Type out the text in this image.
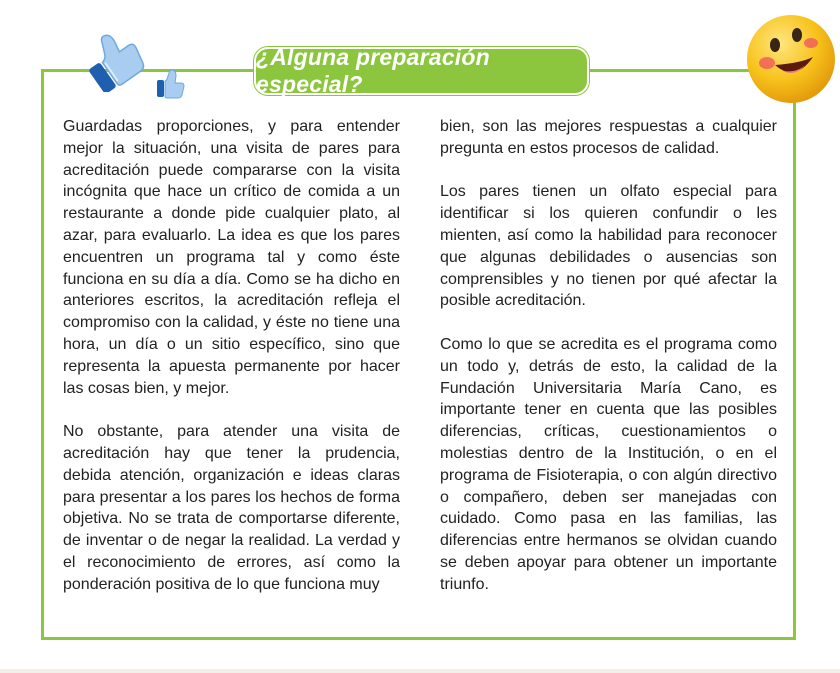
¿Alguna preparación especial?

Guardadas proporciones, y para entender mejor la situación, una visita de pares para acreditación puede compararse con la visita incógnita que hace un crítico de comida a un restaurante a donde pide cualquier plato, al azar, para evaluarlo. La idea es que los pares encuentren un programa tal y como éste funciona en su día a día. Como se ha dicho en anteriores escritos, la acreditación refleja el compromiso con la calidad, y éste no tiene una hora, un día o un sitio específico, sino que representa la apuesta permanente por hacer las cosas bien, y mejor.

No obstante, para atender una visita de acreditación hay que tener la prudencia, debida atención, organización e ideas claras para presentar a los pares los hechos de forma objetiva. No se trata de comportarse diferente, de inventar o de negar la realidad. La verdad y el reconocimiento de errores, así como la ponderación positiva de lo que funciona muy

bien, son las mejores respuestas a cualquier pregunta en estos procesos de calidad.

Los pares tienen un olfato especial para identificar si los quieren confundir o les mienten, así como la habilidad para reconocer que algunas debilidades o ausencias son comprensibles y no tienen por qué afectar la posible acreditación.

Como lo que se acredita es el programa como un todo y, detrás de esto, la calidad de la Fundación Universitaria María Cano, es importante tener en cuenta que las posibles diferencias, críticas, cuestionamientos o molestias dentro de la Institución, o en el programa de Fisioterapia, o con algún directivo o compañero, deben ser manejadas con cuidado. Como pasa en las familias, las diferencias entre hermanos se olvidan cuando se deben apoyar para obtener un importante triunfo.
